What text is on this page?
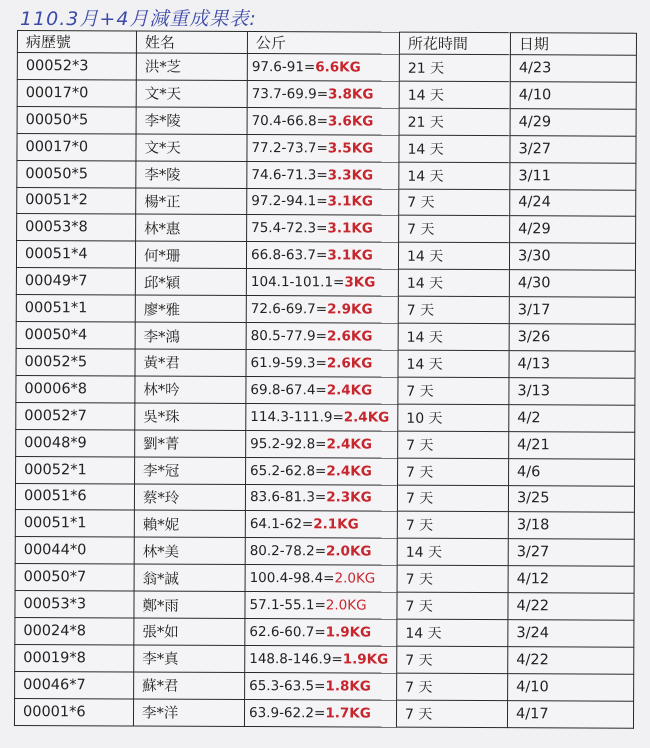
110.3月+4月減重成果表:
病歷號	姓名	公斤	所花時間	日期
00052*3	洪*芝	97.6-91=6.6KG	21 天	4/23
00017*0	文*天	73.7-69.9=3.8KG	14 天	4/10
00050*5	李*陵	70.4-66.8=3.6KG	21 天	4/29
00017*0	文*天	77.2-73.7=3.5KG	14 天	3/27
00050*5	李*陵	74.6-71.3=3.3KG	14 天	3/11
00051*2	楊*正	97.2-94.1=3.1KG	7 天	4/24
00053*8	林*惠	75.4-72.3=3.1KG	7 天	4/29
00051*4	何*珊	66.8-63.7=3.1KG	14 天	3/30
00049*7	邱*穎	104.1-101.1=3KG	14 天	4/30
00051*1	廖*雅	72.6-69.7=2.9KG	7 天	3/17
00050*4	李*鴻	80.5-77.9=2.6KG	14 天	3/26
00052*5	黃*君	61.9-59.3=2.6KG	14 天	4/13
00006*8	林*吟	69.8-67.4=2.4KG	7 天	3/13
00052*7	吳*珠	114.3-111.9=2.4KG	10 天	4/2
00048*9	劉*菁	95.2-92.8=2.4KG	7 天	4/21
00052*1	李*冠	65.2-62.8=2.4KG	7 天	4/6
00051*6	蔡*玲	83.6-81.3=2.3KG	7 天	3/25
00051*1	賴*妮	64.1-62=2.1KG	7 天	3/18
00044*0	林*美	80.2-78.2=2.0KG	14 天	3/27
00050*7	翁*誠	100.4-98.4=2.0KG	7 天	4/12
00053*3	鄭*雨	57.1-55.1=2.0KG	7 天	4/22
00024*8	張*如	62.6-60.7=1.9KG	14 天	3/24
00019*8	李*真	148.8-146.9=1.9KG	7 天	4/22
00046*7	蘇*君	65.3-63.5=1.8KG	7 天	4/10
00001*6	李*洋	63.9-62.2=1.7KG	7 天	4/17
